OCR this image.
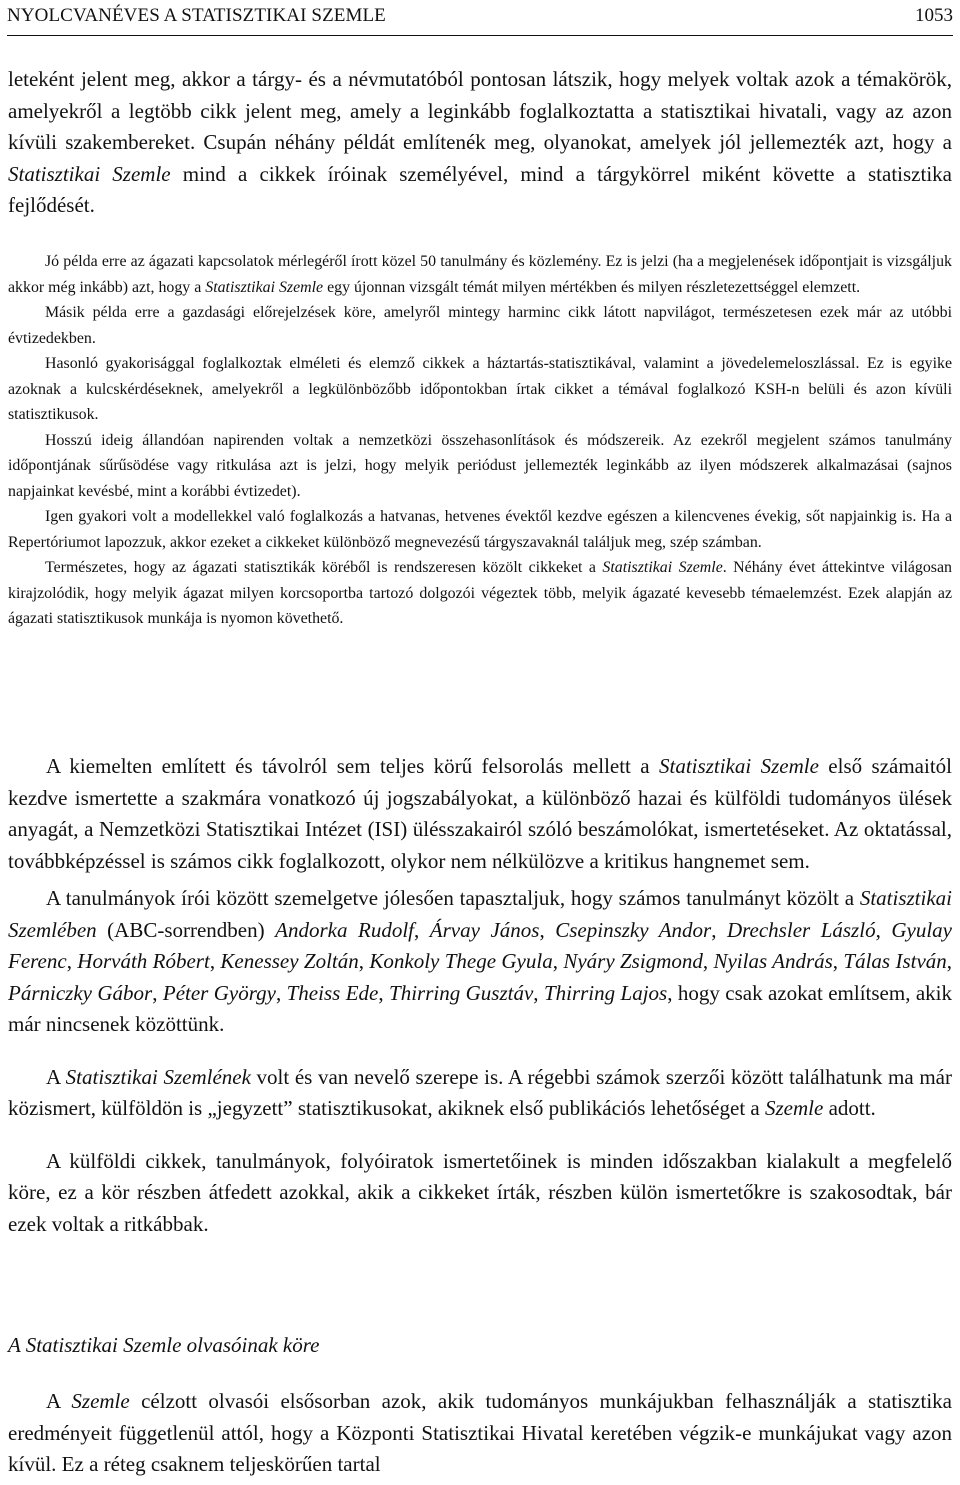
NYOLCVANÉVES A STATISZTIKAI SZEMLE	1053

leteként jelent meg, akkor a tárgy- és a névmutatóból pontosan látszik, hogy melyek voltak azok a témakörök, amelyekről a legtöbb cikk jelent meg, amely a leginkább foglalkoztatta a statisztikai hivatali, vagy az azon kívüli szakembereket. Csupán néhány példát említenék meg, olyanokat, amelyek jól jellemezték azt, hogy a Statisztikai Szemle mind a cikkek íróinak személyével, mind a tárgykörrel miként követte a statisztika fejlődését.

Jó példa erre az ágazati kapcsolatok mérlegéről írott közel 50 tanulmány és közlemény. Ez is jelzi (ha a megjelenések időpontjait is vizsgáljuk akkor még inkább) azt, hogy a Statisztikai Szemle egy újonnan vizsgált témát milyen mértékben és milyen részletezettséggel elemzett.

Másik példa erre a gazdasági előrejelzések köre, amelyről mintegy harminc cikk látott napvilágot, természetesen ezek már az utóbbi évtizedekben.

Hasonló gyakorisággal foglalkoztak elméleti és elemző cikkek a háztartás-statisztikával, valamint a jövedelemeloszlással. Ez is egyike azoknak a kulcskérdéseknek, amelyekről a legkülönbözőbb időpontokban írtak cikket a témával foglalkozó KSH-n belüli és azon kívüli statisztikusok.

Hosszú ideig állandóan napirenden voltak a nemzetközi összehasonlítások és módszereik. Az ezekről megjelent számos tanulmány időpontjának sűrűsödése vagy ritkulása azt is jelzi, hogy melyik periódust jellemezték leginkább az ilyen módszerek alkalmazásai (sajnos napjainkat kevésbé, mint a korábbi évtizedet).

Igen gyakori volt a modellekkel való foglalkozás a hatvanas, hetvenes évektől kezdve egészen a kilencvenes évekig, sőt napjainkig is. Ha a Repertóriumot lapozzuk, akkor ezeket a cikkeket különböző megnevezésű tárgyszavaknál találjuk meg, szép számban.

Természetes, hogy az ágazati statisztikák köréből is rendszeresen közölt cikkeket a Statisztikai Szemle. Néhány évet áttekintve világosan kirajzolódik, hogy melyik ágazat milyen korcsoportba tartozó dolgozói végeztek több, melyik ágazaté kevesebb témaelemzést. Ezek alapján az ágazati statisztikusok munkája is nyomon követhető.

A kiemelten említett és távolról sem teljes körű felsorolás mellett a Statisztikai Szemle első számaitól kezdve ismertette a szakmára vonatkozó új jogszabályokat, a különböző hazai és külföldi tudományos ülések anyagát, a Nemzetközi Statisztikai Intézet (ISI) ülésszakairól szóló beszámolókat, ismertetéseket. Az oktatással, továbbképzéssel is számos cikk foglalkozott, olykor nem nélkülözve a kritikus hangnemet sem.

A tanulmányok írói között szemelgetve jólesően tapasztaljuk, hogy számos tanulmányt közölt a Statisztikai Szemlében (ABC-sorrendben) Andorka Rudolf, Árvay János, Csepinszky Andor, Drechsler László, Gyulay Ferenc, Horváth Róbert, Kenessey Zoltán, Konkoly Thege Gyula, Nyáry Zsigmond, Nyilas András, Tálas István, Párniczky Gábor, Péter György, Theiss Ede, Thirring Gusztáv, Thirring Lajos, hogy csak azokat említsem, akik már nincsenek közöttünk.

A Statisztikai Szemlének volt és van nevelő szerepe is. A régebbi számok szerzői között találhatunk ma már közismert, külföldön is „jegyzett” statisztikusokat, akiknek első publikációs lehetőséget a Szemle adott.

A külföldi cikkek, tanulmányok, folyóiratok ismertetőinek is minden időszakban kialakult a megfelelő köre, ez a kör részben átfedett azokkal, akik a cikkeket írták, részben külön ismertetőkre is szakosodtak, bár ezek voltak a ritkábbak.

A Statisztikai Szemle olvasóinak köre

A Szemle célzott olvasói elsősorban azok, akik tudományos munkájukban felhasználják a statisztika eredményeit függetlenül attól, hogy a Központi Statisztikai Hivatal keretében végzik-e munkájukat vagy azon kívül. Ez a réteg csaknem teljeskörűen tartal
